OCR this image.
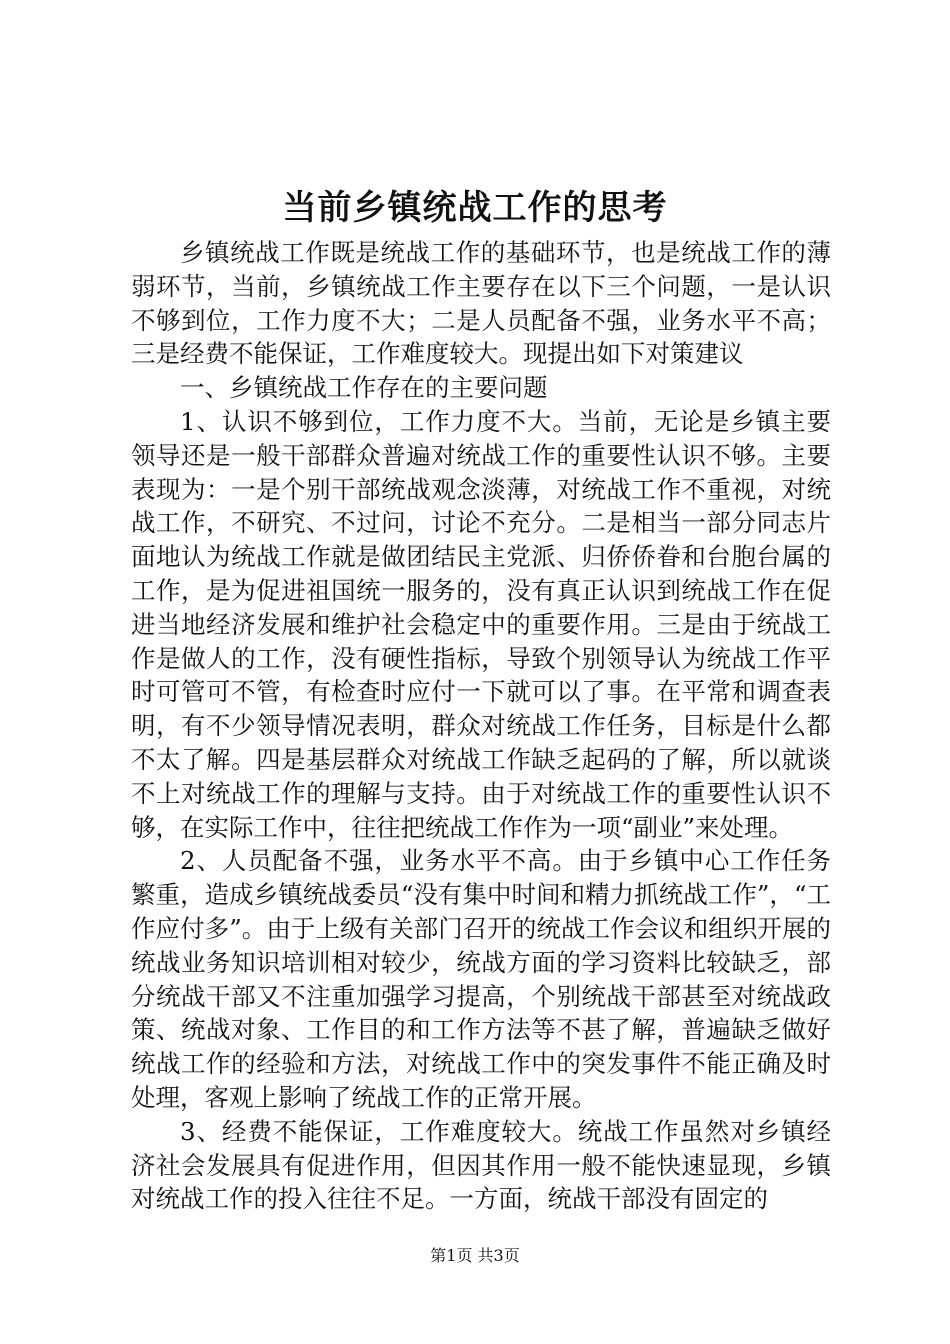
当前乡镇统战工作的思考

乡镇统战工作既是统战工作的基础环节，也是统战工作的薄弱环节，当前，乡镇统战工作主要存在以下三个问题，一是认识不够到位，工作力度不大；二是人员配备不强，业务水平不高；三是经费不能保证，工作难度较大。现提出如下对策建议

一、乡镇统战工作存在的主要问题

1、认识不够到位，工作力度不大。当前，无论是乡镇主要领导还是一般干部群众普遍对统战工作的重要性认识不够。主要表现为：一是个别干部统战观念淡薄，对统战工作不重视，对统战工作，不研究、不过问，讨论不充分。二是相当一部分同志片面地认为统战工作就是做团结民主党派、归侨侨眷和台胞台属的工作，是为促进祖国统一服务的，没有真正认识到统战工作在促进当地经济发展和维护社会稳定中的重要作用。三是由于统战工作是做人的工作，没有硬性指标，导致个别领导认为统战工作平时可管可不管，有检查时应付一下就可以了事。在平常和调查表明，有不少领导情况表明，群众对统战工作任务，目标是什么都不太了解。四是基层群众对统战工作缺乏起码的了解，所以就谈不上对统战工作的理解与支持。由于对统战工作的重要性认识不够，在实际工作中，往往把统战工作作为一项“副业”来处理。

2、人员配备不强，业务水平不高。由于乡镇中心工作任务繁重，造成乡镇统战委员“没有集中时间和精力抓统战工作”，“工作应付多”。由于上级有关部门召开的统战工作会议和组织开展的统战业务知识培训相对较少，统战方面的学习资料比较缺乏，部分统战干部又不注重加强学习提高，个别统战干部甚至对统战政策、统战对象、工作目的和工作方法等不甚了解，普遍缺乏做好统战工作的经验和方法，对统战工作中的突发事件不能正确及时处理，客观上影响了统战工作的正常开展。

3、经费不能保证，工作难度较大。统战工作虽然对乡镇经济社会发展具有促进作用，但因其作用一般不能快速显现，乡镇对统战工作的投入往往不足。一方面，统战干部没有固定的

第1页 共3页
